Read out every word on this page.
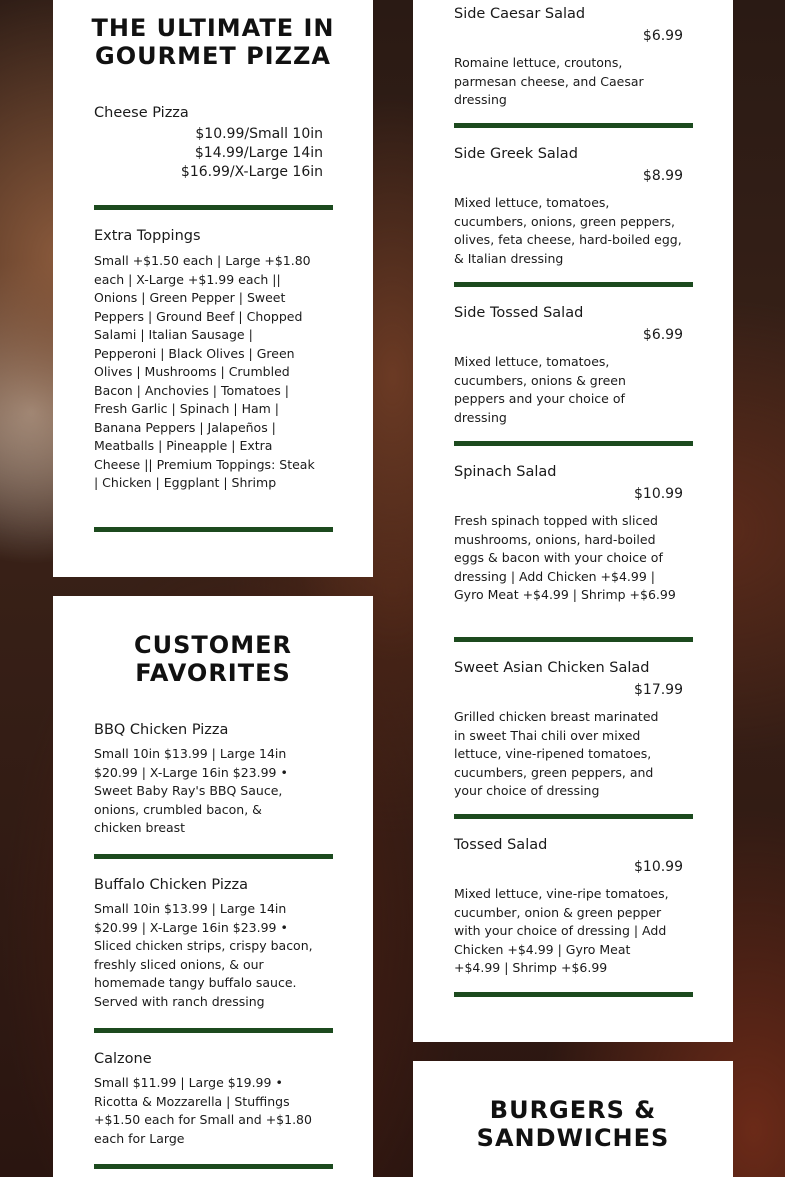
THE ULTIMATE IN GOURMET PIZZA
Cheese Pizza
$10.99/Small 10in
$14.99/Large 14in
$16.99/X-Large 16in
Extra Toppings
Small +$1.50 each | Large +$1.80 each | X-Large +$1.99 each || Onions | Green Pepper | Sweet Peppers | Ground Beef | Chopped Salami | Italian Sausage | Pepperoni | Black Olives | Green Olives | Mushrooms | Crumbled Bacon | Anchovies | Tomatoes | Fresh Garlic | Spinach | Ham | Banana Peppers | Jalapeños | Meatballs | Pineapple | Extra Cheese || Premium Toppings: Steak | Chicken | Eggplant | Shrimp
CUSTOMER FAVORITES
BBQ Chicken Pizza
Small 10in $13.99 | Large 14in $20.99 | X-Large 16in $23.99 • Sweet Baby Ray's BBQ Sauce, onions, crumbled bacon, & chicken breast
Buffalo Chicken Pizza
Small 10in $13.99 | Large 14in $20.99 | X-Large 16in $23.99 • Sliced chicken strips, crispy bacon, freshly sliced onions, & our homemade tangy buffalo sauce. Served with ranch dressing
Calzone
Small $11.99 | Large $19.99 • Ricotta & Mozzarella | Stuffings +$1.50 each for Small and +$1.80 each for Large
Side Caesar Salad
$6.99
Romaine lettuce, croutons, parmesan cheese, and Caesar dressing
Side Greek Salad
$8.99
Mixed lettuce, tomatoes, cucumbers, onions, green peppers, olives, feta cheese, hard-boiled egg, & Italian dressing
Side Tossed Salad
$6.99
Mixed lettuce, tomatoes, cucumbers, onions & green peppers and your choice of dressing
Spinach Salad
$10.99
Fresh spinach topped with sliced mushrooms, onions, hard-boiled eggs & bacon with your choice of dressing | Add Chicken +$4.99 | Gyro Meat +$4.99 | Shrimp +$6.99
Sweet Asian Chicken Salad
$17.99
Grilled chicken breast marinated in sweet Thai chili over mixed lettuce, vine-ripened tomatoes, cucumbers, green peppers, and your choice of dressing
Tossed Salad
$10.99
Mixed lettuce, vine-ripe tomatoes, cucumber, onion & green pepper with your choice of dressing | Add Chicken +$4.99 | Gyro Meat +$4.99 | Shrimp +$6.99
BURGERS & SANDWICHES
